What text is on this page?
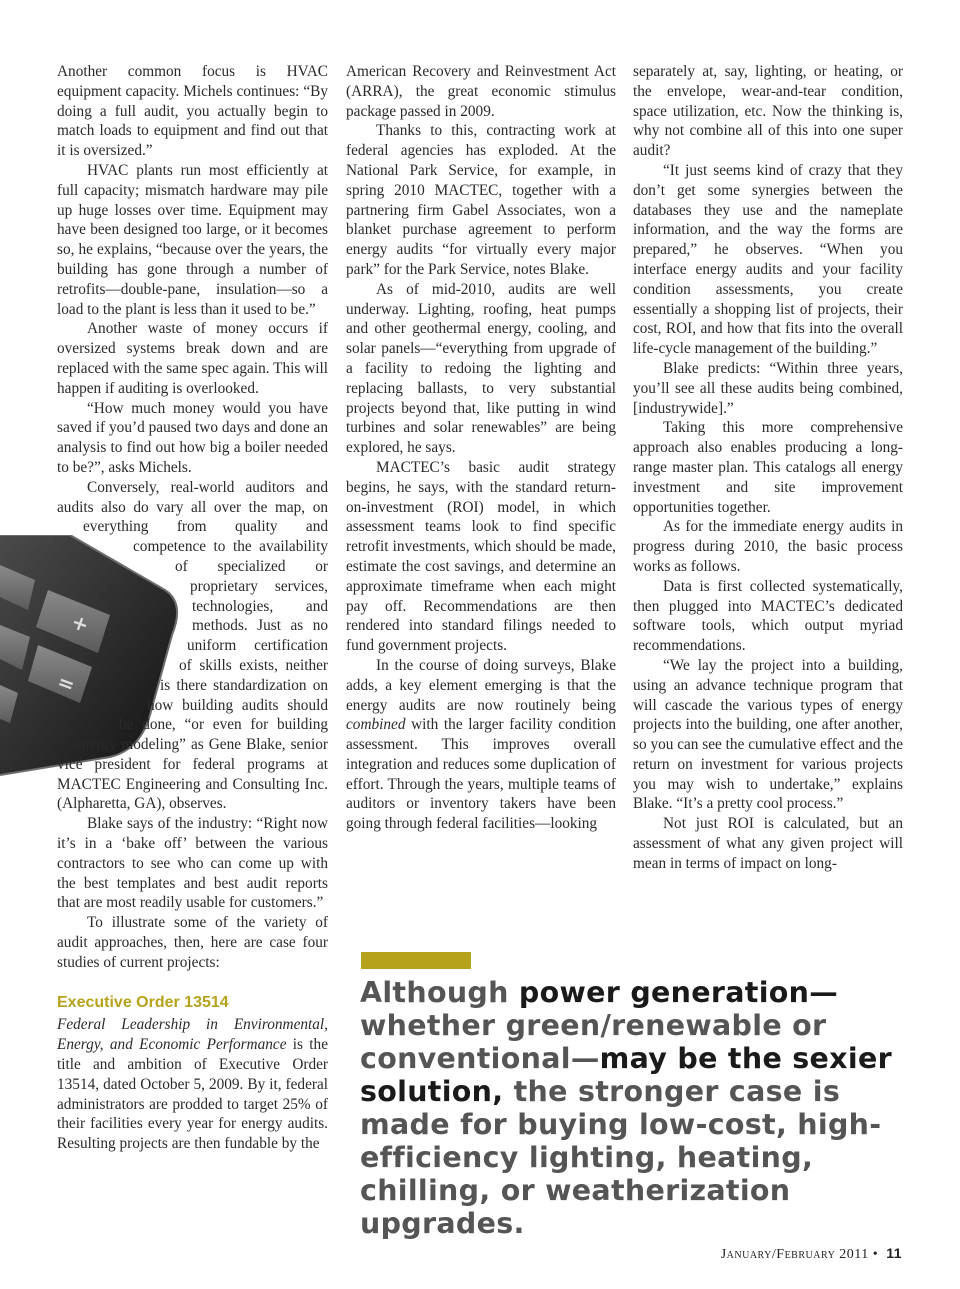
+
=

Another common focus is HVAC equipment capacity. Michels continues: “By doing a full audit, you actually begin to match loads to equipment and find out that it is oversized.”

HVAC plants run most efficiently at full capacity; mismatch hardware may pile up huge losses over time. Equipment may have been designed too large, or it becomes so, he explains, “because over the years, the building has gone through a number of retrofits—double-pane, insulation—so a load to the plant is less than it used to be.”

Another waste of money occurs if oversized systems break down and are replaced with the same spec again. This will happen if auditing is overlooked.

“How much money would you have saved if you’d paused two days and done an analysis to find out how big a boiler needed to be?”, asks Michels.

Conversely, real-world auditors and audits also do vary all over the map, on everything from quality and competence to the availability of specialized or proprietary services, technologies, and methods. Just as no uniform certification of skills exists, neither is there standardization on how building audits should be done, “or even for building energy modeling” as Gene Blake, senior vice president for federal programs at MACTEC Engineering and Consulting Inc. (Alpharetta, GA), observes.

Blake says of the industry: “Right now it’s in a ‘bake off’ between the various contractors to see who can come up with the best templates and best audit reports that are most readily usable for customers.”

To illustrate some of the variety of audit approaches, then, here are case four studies of current projects:

Executive Order 13514

Federal Leadership in Environmental, Energy, and Economic Performance is the title and ambition of Executive Order 13514, dated October 5, 2009. By it, federal administrators are prodded to target 25% of their facilities every year for energy audits. Resulting projects are then fundable by the

American Recovery and Reinvestment Act (ARRA), the great economic stimulus package passed in 2009.

Thanks to this, contracting work at federal agencies has exploded. At the National Park Service, for example, in spring 2010 MACTEC, together with a partnering firm Gabel Associates, won a blanket purchase agreement to perform energy audits “for virtually every major park” for the Park Service, notes Blake.

As of mid-2010, audits are well underway. Lighting, roofing, heat pumps and other geothermal energy, cooling, and solar panels—“everything from upgrade of a facility to redoing the lighting and replacing ballasts, to very substantial projects beyond that, like putting in wind turbines and solar renewables” are being explored, he says.

MACTEC’s basic audit strategy begins, he says, with the standard return-on-investment (ROI) model, in which assessment teams look to find specific retrofit investments, which should be made, estimate the cost savings, and determine an approximate timeframe when each might pay off. Recommendations are then rendered into standard filings needed to fund government projects.

In the course of doing surveys, Blake adds, a key element emerging is that the energy audits are now routinely being combined with the larger facility condition assessment. This improves overall integration and reduces some duplication of effort. Through the years, multiple teams of auditors or inventory takers have been going through federal facilities—looking

separately at, say, lighting, or heating, or the envelope, wear-and-tear condition, space utilization, etc. Now the thinking is, why not combine all of this into one super audit?

“It just seems kind of crazy that they don’t get some synergies between the databases they use and the nameplate information, and the way the forms are prepared,” he observes. “When you interface energy audits and your facility condition assessments, you create essentially a shopping list of projects, their cost, ROI, and how that fits into the overall life-cycle management of the building.”

Blake predicts: “Within three years, you’ll see all these audits being combined, [industrywide].”

Taking this more comprehensive approach also enables producing a long-range master plan. This catalogs all energy investment and site improvement opportunities together.

As for the immediate energy audits in progress during 2010, the basic process works as follows.

Data is first collected systematically, then plugged into MACTEC’s dedicated software tools, which output myriad recommendations.

“We lay the project into a building, using an advance technique program that will cascade the various types of energy projects into the building, one after another, so you can see the cumulative effect and the return on investment for various projects you may wish to undertake,” explains Blake. “It’s a pretty cool process.”

Not just ROI is calculated, but an assessment of what any given project will mean in terms of impact on long-

Although power generation— whether green/renewable or conventional—may be the sexier solution, the stronger case is made for buying low-cost, high-efficiency lighting, heating, chilling, or weatherization upgrades.
January/February 2011 • 11
